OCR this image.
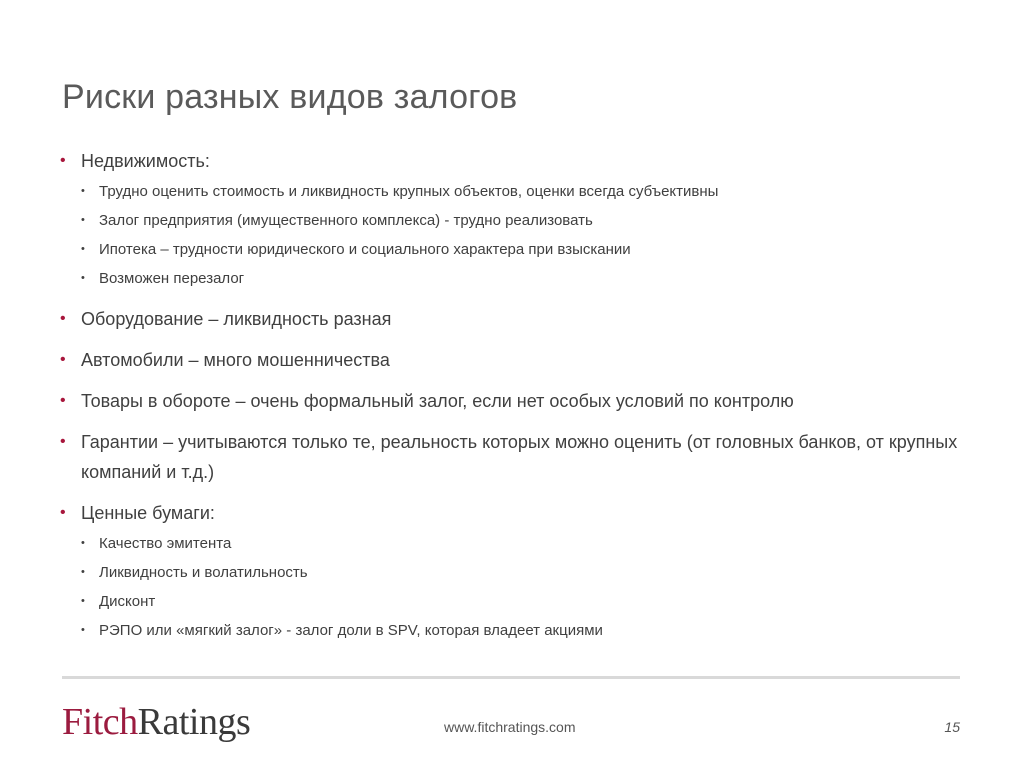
Риски разных видов залогов
• Недвижимость:
• Трудно оценить стоимость и ликвидность крупных объектов, оценки всегда субъективны
• Залог предприятия (имущественного комплекса) - трудно реализовать
• Ипотека – трудности юридического и социального характера при взыскании
• Возможен перезалог
• Оборудование – ликвидность разная
• Автомобили – много мошенничества
• Товары в обороте – очень формальный залог, если нет особых условий по контролю
• Гарантии – учитываются только те, реальность которых можно оценить (от головных банков, от крупных компаний и т.д.)
• Ценные бумаги:
• Качество эмитента
• Ликвидность и волатильность
• Дисконт
• РЭПО или «мягкий залог» - залог доли в SPV, которая владеет акциями
FitchRatings	www.fitchratings.com	15
